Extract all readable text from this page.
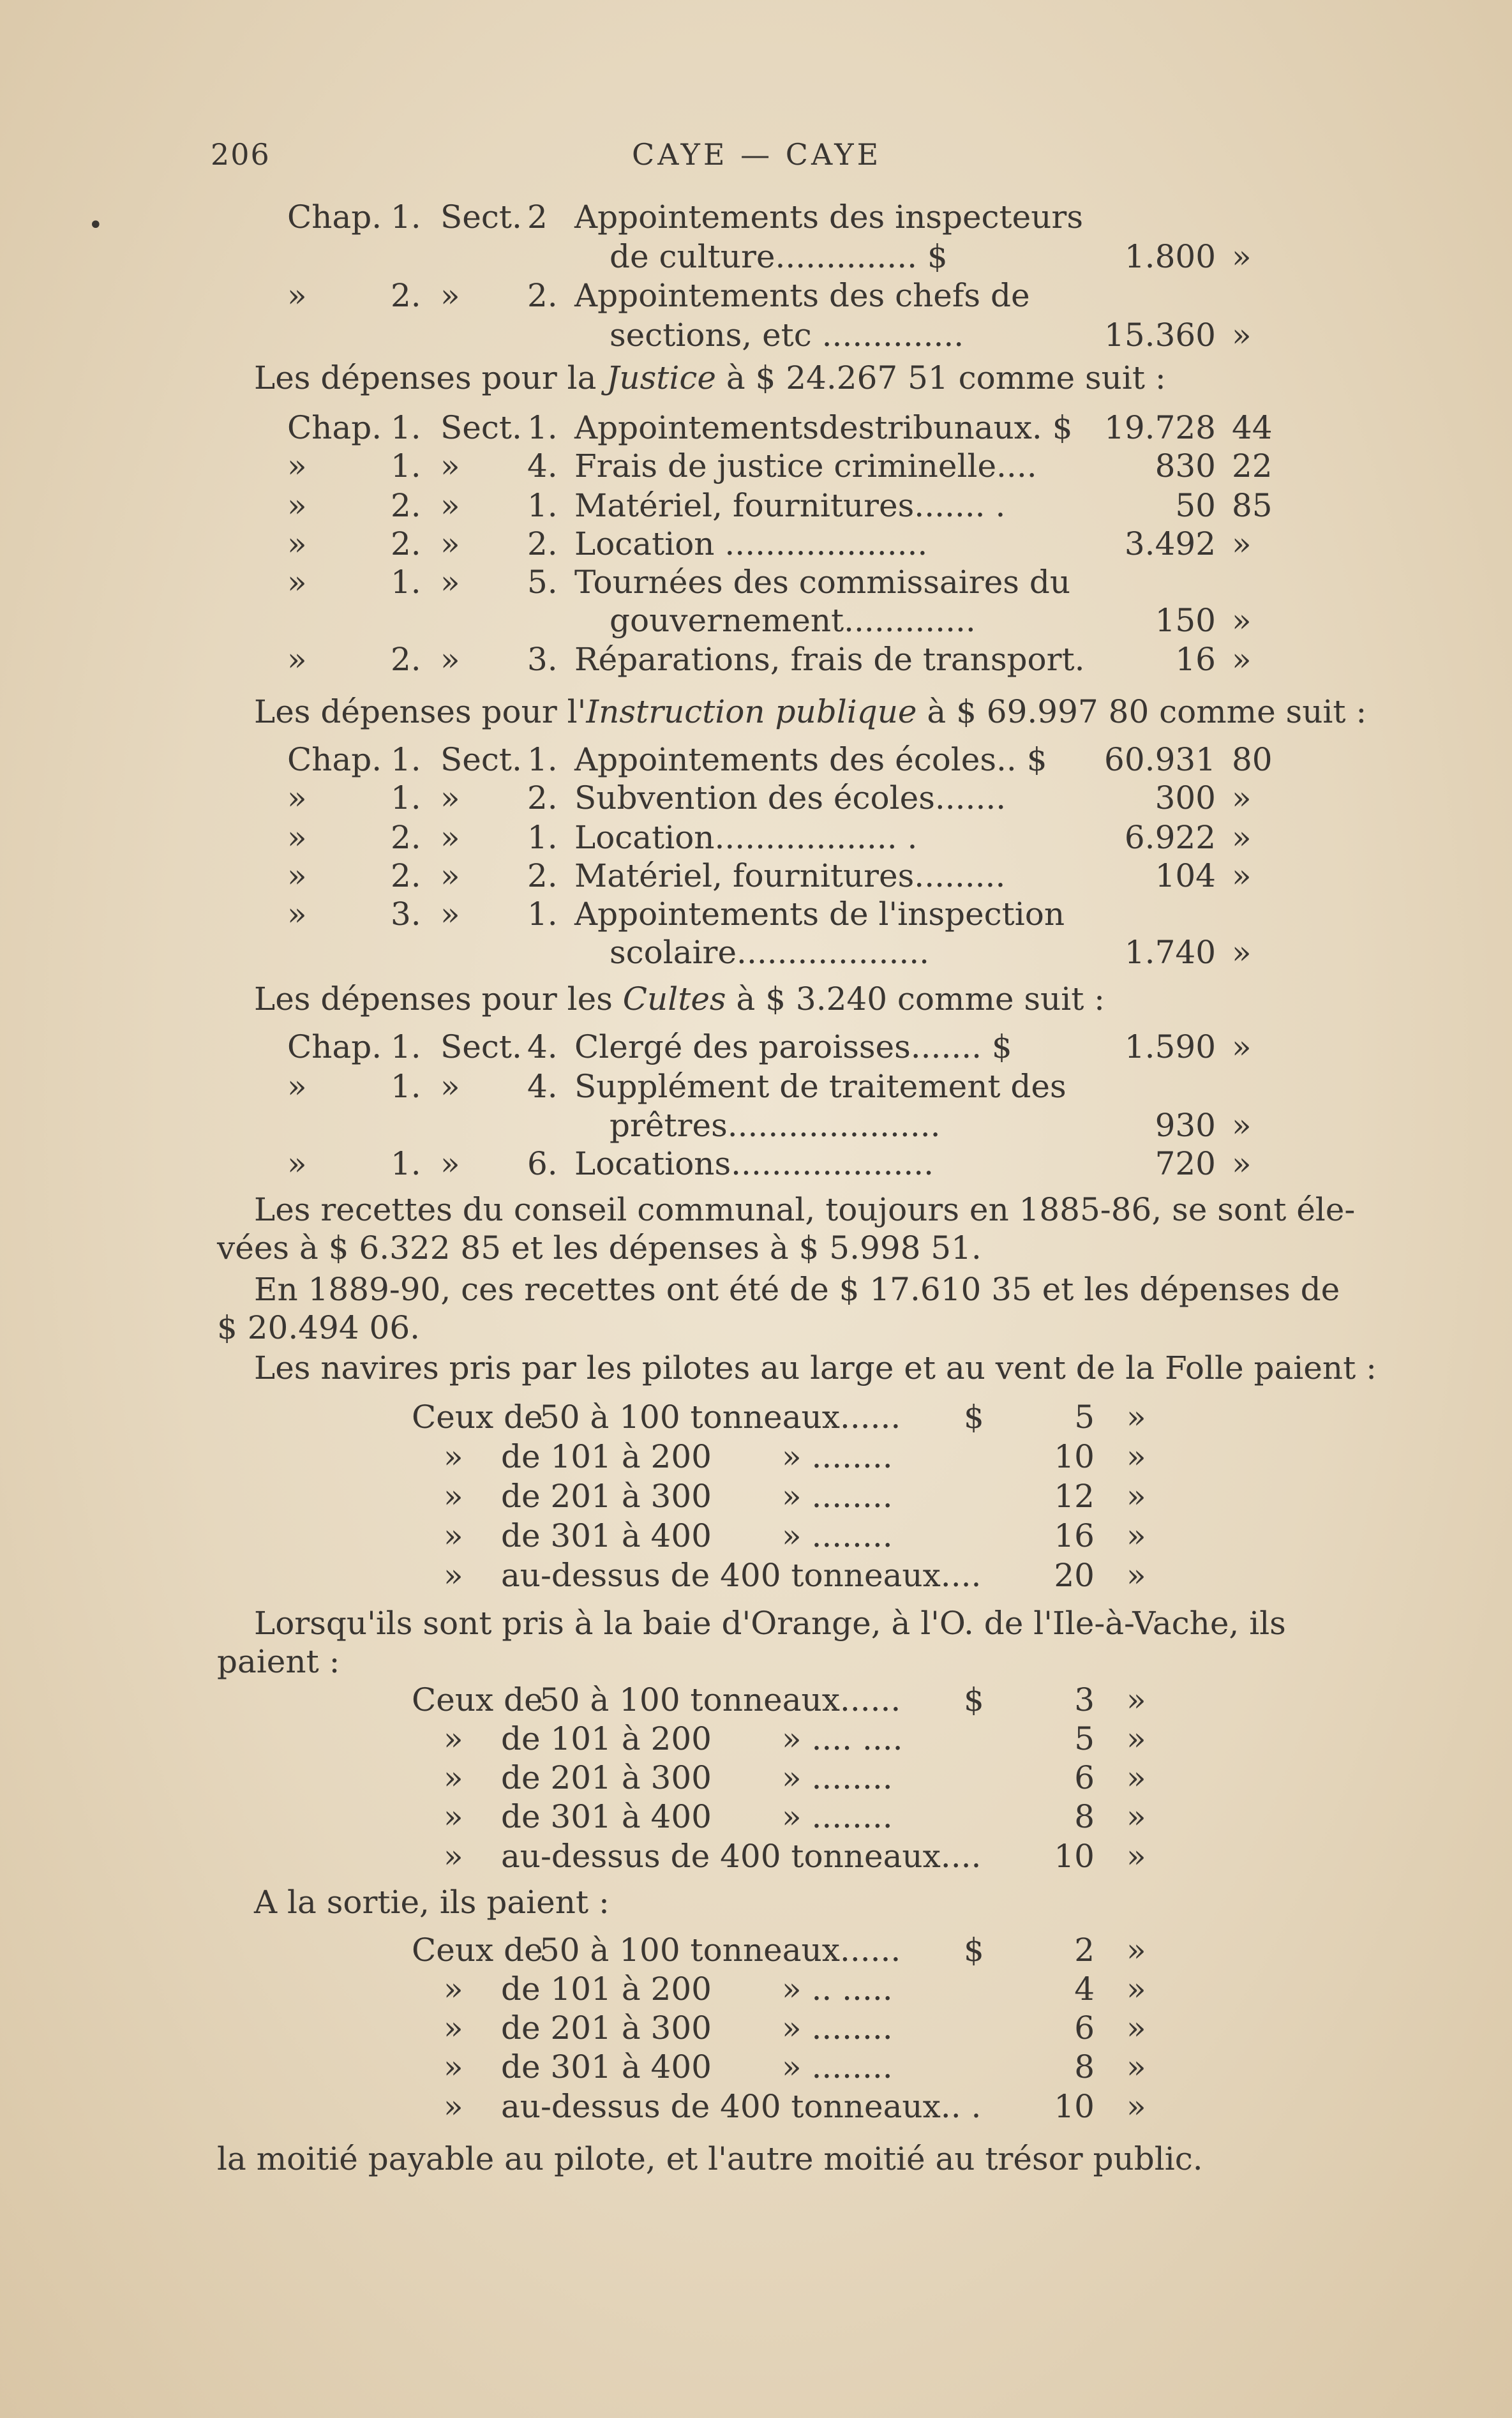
206	CAYE — CAYE
•	Chap. 1. Sect. 2 Appointements des inspecteurs
de culture.............. $	1.800 »
»	2. » 2. Appointements des chefs de
sections, etc ..............	15.360 »
Les dépenses pour la Justice à $ 24.267 51 comme suit :
Chap. 1. Sect. 1. Appointementsdestribunaux. $ 19.728 44
»	1. » 4. Frais de justice criminelle....	830 22
»	2. » 1. Matériel, fournitures....... .	50 85
»	2. » 2. Location ....................	3.492 »
»	1. » 5. Tournées des commissaires du
gouvernement.............	150 »
»	2. » 3. Réparations, frais de transport.	16 »
Les dépenses pour l'Instruction publique à $ 69.997 80 comme suit :
Chap. 1. Sect. 1. Appointements des écoles.. $ 60.931 80
»	1. » 2. Subvention des écoles.......	300 »
»	2. » 1. Location.................. .	6.922 »
»	2. » 2. Matériel, fournitures.........	104 »
»	3. » 1. Appointements de l'inspection
scolaire...................	1.740 »
Les dépenses pour les Cultes à $ 3.240 comme suit :
Chap. 1. Sect. 4. Clergé des paroisses....... $	1.590 »
»	1. » 4. Supplément de traitement des
prêtres.....................	930 »
»	1. » 6. Locations....................	720 »
Les recettes du conseil communal, toujours en 1885-86, se sont éle-
vées à $ 6.322 85 et les dépenses à $ 5.998 51.
En 1889-90, ces recettes ont été de $ 17.610 35 et les dépenses de
$ 20.494 06.
Les navires pris par les pilotes au large et au vent de la Folle paient :
Ceux de
50 à 100 tonneaux...... $	5 »
» de 101 à 200 » ........	10 »
» de 201 à 300 » ........	12 »
» de 301 à 400 » ........	16 »
» au-dessus de 400 tonneaux.... 20 »
Lorsqu'ils sont pris à la baie d'Orange, à l'O. de l'Ile-à-Vache, ils
paient :
Ceux de
50 à 100 tonneaux...... $	3 »
» de 101 à 200 » .... ....	5 »
» de 201 à 300 » ........	6 »
» de 301 à 400 » ........	8 »
» au-dessus de 400 tonneaux.... 10 »
A la sortie, ils paient :
Ceux de
50 à 100 tonneaux...... $	2 »
» de 101 à 200 » .. .....	4 »
» de 201 à 300 » ........	6 »
» de 301 à 400 » ........	8 »
» au-dessus de 400 tonneaux.. . 10 »
la moitié payable au pilote, et l'autre moitié au trésor public.
